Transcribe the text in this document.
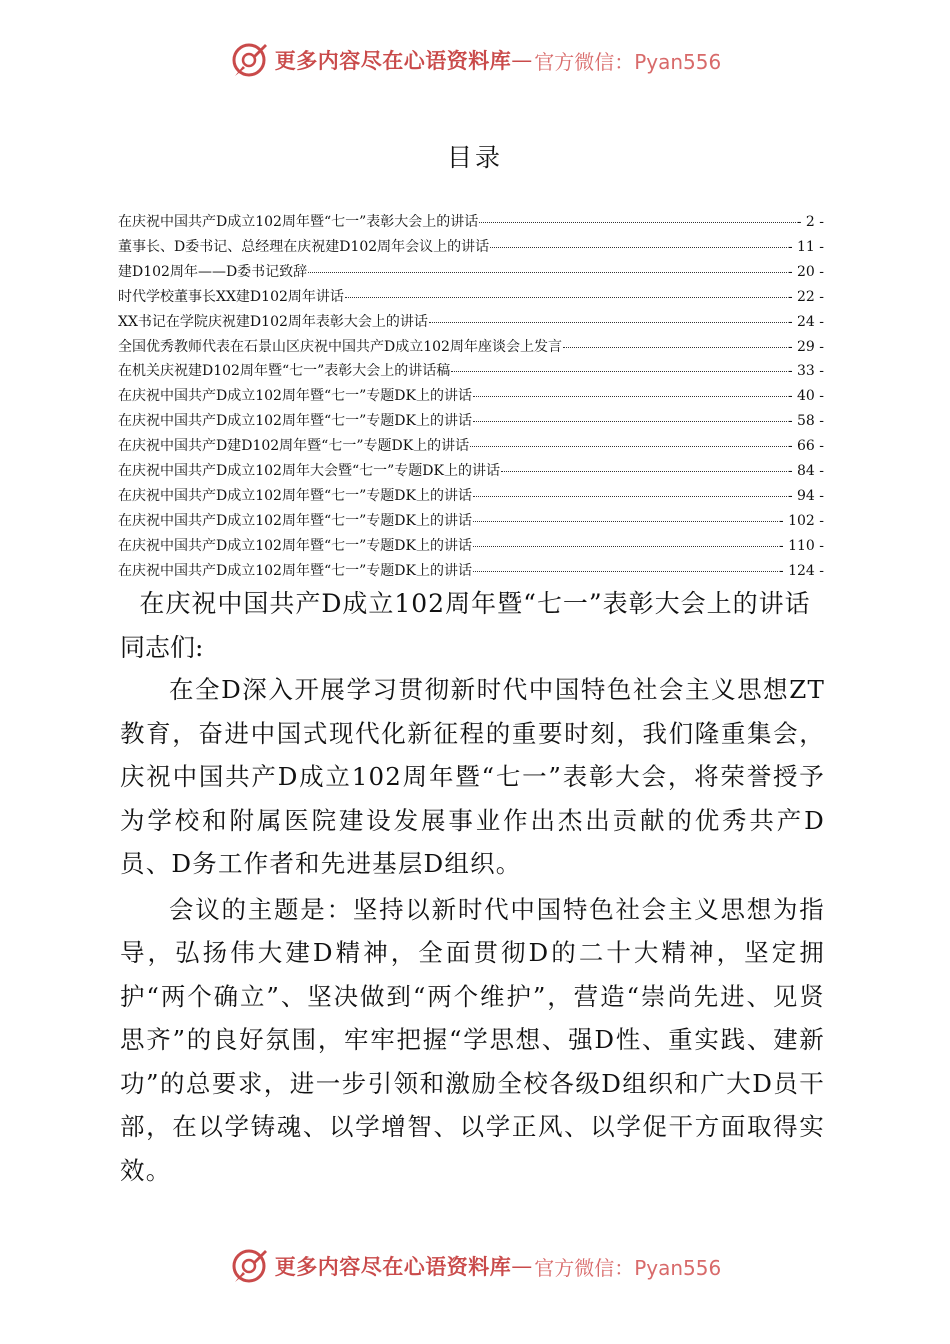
更多内容尽在心语资料库 — 官方微信：Pyan556
目录
在庆祝中国共产D成立102周年暨“七一”表彰大会上的讲话	- 2 -
董事长、D委书记、总经理在庆祝建D102周年会议上的讲话	- 11 -
建D102周年——D委书记致辞	- 20 -
时代学校董事长XX建D102周年讲话	- 22 -
XX书记在学院庆祝建D102周年表彰大会上的讲话	- 24 -
全国优秀教师代表在石景山区庆祝中国共产D成立102周年座谈会上发言	- 29 -
在机关庆祝建D102周年暨“七一”表彰大会上的讲话稿	- 33 -
在庆祝中国共产D成立102周年暨“七一”专题DK上的讲话	- 40 -
在庆祝中国共产D成立102周年暨“七一”专题DK上的讲话	- 58 -
在庆祝中国共产D建D102周年暨“七一”专题DK上的讲话	- 66 -
在庆祝中国共产D成立102周年大会暨“七一”专题DK上的讲话	- 84 -
在庆祝中国共产D成立102周年暨“七一”专题DK上的讲话	- 94 -
在庆祝中国共产D成立102周年暨“七一”专题DK上的讲话	- 102 -
在庆祝中国共产D成立102周年暨“七一”专题DK上的讲话	- 110 -
在庆祝中国共产D成立102周年暨“七一”专题DK上的讲话	- 124 -
在庆祝中国共产D成立102周年暨“七一”表彰大会上的讲话
同志们:

在全D深入开展学习贯彻新时代中国特色社会主义思想ZT教育，奋进中国式现代化新征程的重要时刻，我们隆重集会，庆祝中国共产D成立102周年暨“七一”表彰大会，将荣誉授予为学校和附属医院建设发展事业作出杰出贡献的优秀共产D员、D务工作者和先进基层D组织。

会议的主题是：坚持以新时代中国特色社会主义思想为指导，弘扬伟大建D精神，全面贯彻D的二十大精神，坚定拥护“两个确立”、坚决做到“两个维护”，营造“崇尚先进、见贤思齐”的良好氛围，牢牢把握“学思想、强D性、重实践、建新功”的总要求，进一步引领和激励全校各级D组织和广大D员干部，在以学铸魂、以学增智、以学正风、以学促干方面取得实效。

更多内容尽在心语资料库 — 官方微信：Pyan556
